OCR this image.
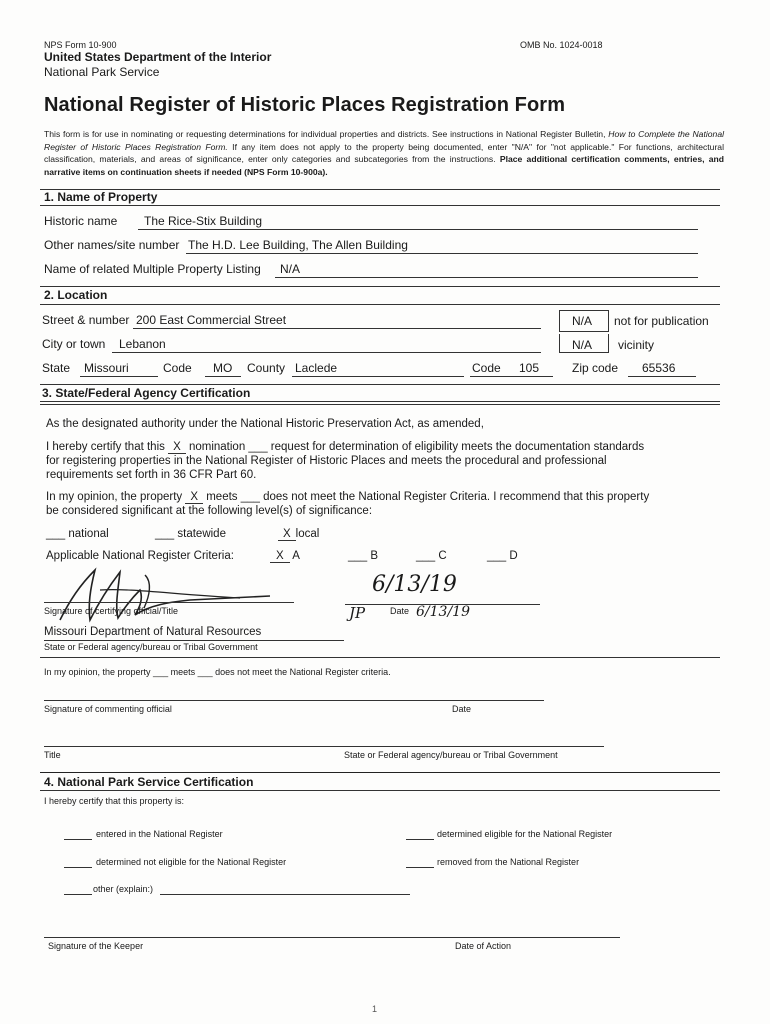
NPS Form 10-900	OMB No. 1024-0018
United States Department of the Interior
National Park Service
National Register of Historic Places Registration Form
This form is for use in nominating or requesting determinations for individual properties and districts. See instructions in National Register Bulletin, How to Complete the National Register of Historic Places Registration Form. If any item does not apply to the property being documented, enter "N/A" for "not applicable." For functions, architectural classification, materials, and areas of significance, enter only categories and subcategories from the instructions. Place additional certification comments, entries, and narrative items on continuation sheets if needed (NPS Form 10-900a).
1. Name of Property
Historic name The Rice-Stix Building
Other names/site number The H.D. Lee Building, The Allen Building
Name of related Multiple Property Listing N/A
2. Location
Street & number 200 East Commercial Street	N/A not for publication
City or town Lebanon	N/A vicinity
State Missouri	Code MO County Laclede	Code 105	Zip code 65536
3. State/Federal Agency Certification
As the designated authority under the National Historic Preservation Act, as amended,
I hereby certify that this X nomination ___ request for determination of eligibility meets the documentation standards
for registering properties in the National Register of Historic Places and meets the procedural and professional
requirements set forth in 36 CFR Part 60.
In my opinion, the property X meets ___ does not meet the National Register Criteria. I recommend that this property
be considered significant at the following level(s) of significance:
___ national	___ statewide	X local
Applicable National Register Criteria:	X A	___ B	___ C	___ D
Signature of certifying official/Title
6/13/19
JP	Date 6/13/19
Missouri Department of Natural Resources
State or Federal agency/bureau or Tribal Government
In my opinion, the property ___ meets ___ does not meet the National Register criteria.
Signature of commenting official	Date
Title	State or Federal agency/bureau or Tribal Government
4. National Park Service Certification
I hereby certify that this property is:
entered in the National Register	determined eligible for the National Register
determined not eligible for the National Register	removed from the National Register
other (explain:)
Signature of the Keeper	Date of Action
1
